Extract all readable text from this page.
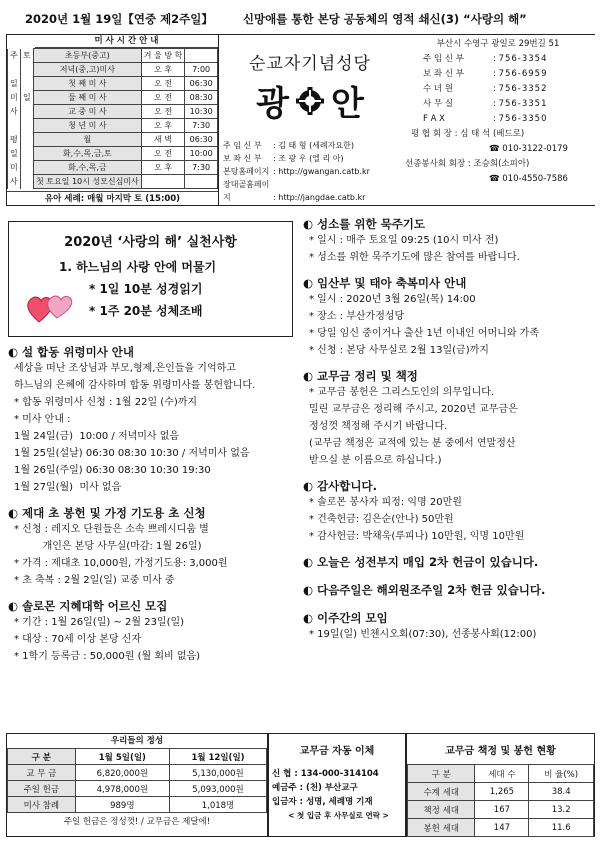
2020년 1월 19일【연중 제2주일】	신망애를 통한 본당 공동체의 영적 쇄신(3) “사랑의 해”
미 사 시 간 안 내
주	토	초등부(중고)	겨 울 방 학	
		저녁(중,고)미사	오 후	7:00
일		첫 째 미 사	오 전	06:30
미	일	둘 째 미 사	오 전	08:30
사		교 중 미 사	오 전	10:30
		청 년 미 사	오 후	7:30
평		월	새 벽	06:30
일		화,수,목,금,토	오 전	10:00
미		화,수,목,금	오 후	7:30
사		첫 토요일 10시 성모신심미사		
유아 세례: 매월 마지막 토 (15:00)
순교자기념성당
광 안
주 임 신 부 : 김 태 형 (세례자요한)
보 좌 신 부 : 조 광 우 (엘 리 아)
본당홈페이지 : http://gwangan.catb.kr
장대골홈페이지	: http://jangdae.catb.kr
부산시 수영구 광일로 29번길 51
주 임 신 부	: 756-3354
보 좌 신 부	: 756-6959
수 녀 원	: 756-3352
사 무 실	: 756-3351
F A X	: 756-3350
평 협 회 장 : 심 태 석 (베드로)
☎ 010-3122-0179
선종봉사회 회장 : 조승희(소피아)
☎ 010-4550-7586
2020년 ‘사랑의 해’ 실천사항
1. 하느님의 사랑 안에 머물기
* 1일 10분 성경읽기
* 1주 20분 성체조배
◐ 설 합동 위령미사 안내
세상을 떠난 조상님과 부모,형제,은인들을 기억하고
하느님의 은혜에 감사하며 합동 위령미사를 봉헌합니다.
* 합동 위령미사 신청 : 1월 22일 (수)까지
* 미사 안내 :
1월 24일(금)  10:00 / 저녁미사 없음
1월 25일(설날) 06:30 08:30 10:30 / 저녁미사 없음
1월 26일(주일) 06:30 08:30 10:30 19:30
1월 27일(월)  미사 없음
◐ 제대 초 봉헌 및 가정 기도용 초 신청
* 신청 : 레지오 단원들은 소속 쁘레시디움 별
개인은 본당 사무실(마감: 1월 26일)
* 가격 : 제대초 10,000원, 가정기도용: 3,000원
* 초 축복 : 2월 2일(일) 교중 미사 중
◐ 솔로몬 지혜대학 어르신 모집
* 기간 : 1월 26일(일) ~ 2월 23일(일)
* 대상 : 70세 이상 본당 신자
* 1학기 등록금 : 50,000원 (월 회비 없음)
◐ 성소를 위한 묵주기도
* 일시 : 매주 토요일 09:25 (10시 미사 전)
* 성소를 위한 묵주기도에 많은 참여를 바랍니다.
◐ 임산부 및 태아 축복미사 안내
* 일시 : 2020년 3월 26일(목) 14:00
* 장소 : 부산가정성당
* 당일 임신 중이거나 출산 1년 이내인 어머니와 가족
* 신청 : 본당 사무실로 2월 13일(금)까지
◐ 교무금 정리 및 책정
* 교무금 봉헌은 그리스도인의 의무입니다.
밀린 교무금은 정리해 주시고, 2020년 교무금은
정성껏 책정해 주시기 바랍니다.
(교무금 책정은 교적에 있는 분 중에서 연말정산
받으실 분 이름으로 하십니다.)
◐ 감사합니다.
* 솔로몬 봉사자 피정: 익명 20만원
* 건축헌금: 김은순(안나) 50만원
* 감사헌금: 박채욱(루피나) 10만원, 익명 10만원
◐ 오늘은 성전부지 매입 2차 헌금이 있습니다.
◐ 다음주일은 해외원조주일 2차 헌금 있습니다.
◐ 이주간의 모임
* 19일(일) 빈첸시오회(07:30), 선종봉사회(12:00)
우리들의 정성
구 분	1월 5일(일)	1월 12일(일)
교 무 금	6,820,000원	5,130,000원
주일 헌금	4,978,000원	5,093,000원
미사 참례	989명	1,018명
주일 헌금은 정성껏! / 교무금은 제달에!
교무금 자동 이체
신 협 : 134-000-314104
예금주 : (천) 부산교구
입금자 : 성명, 세례명 기재
< 첫 입금 후 사무실로 연락 >
교무금 책정 및 봉헌 현황
구 분	세대 수	비 율(%)
수계 세대	1,265	38.4
책정 세대	167	13.2
봉헌 세대	147	11.6
